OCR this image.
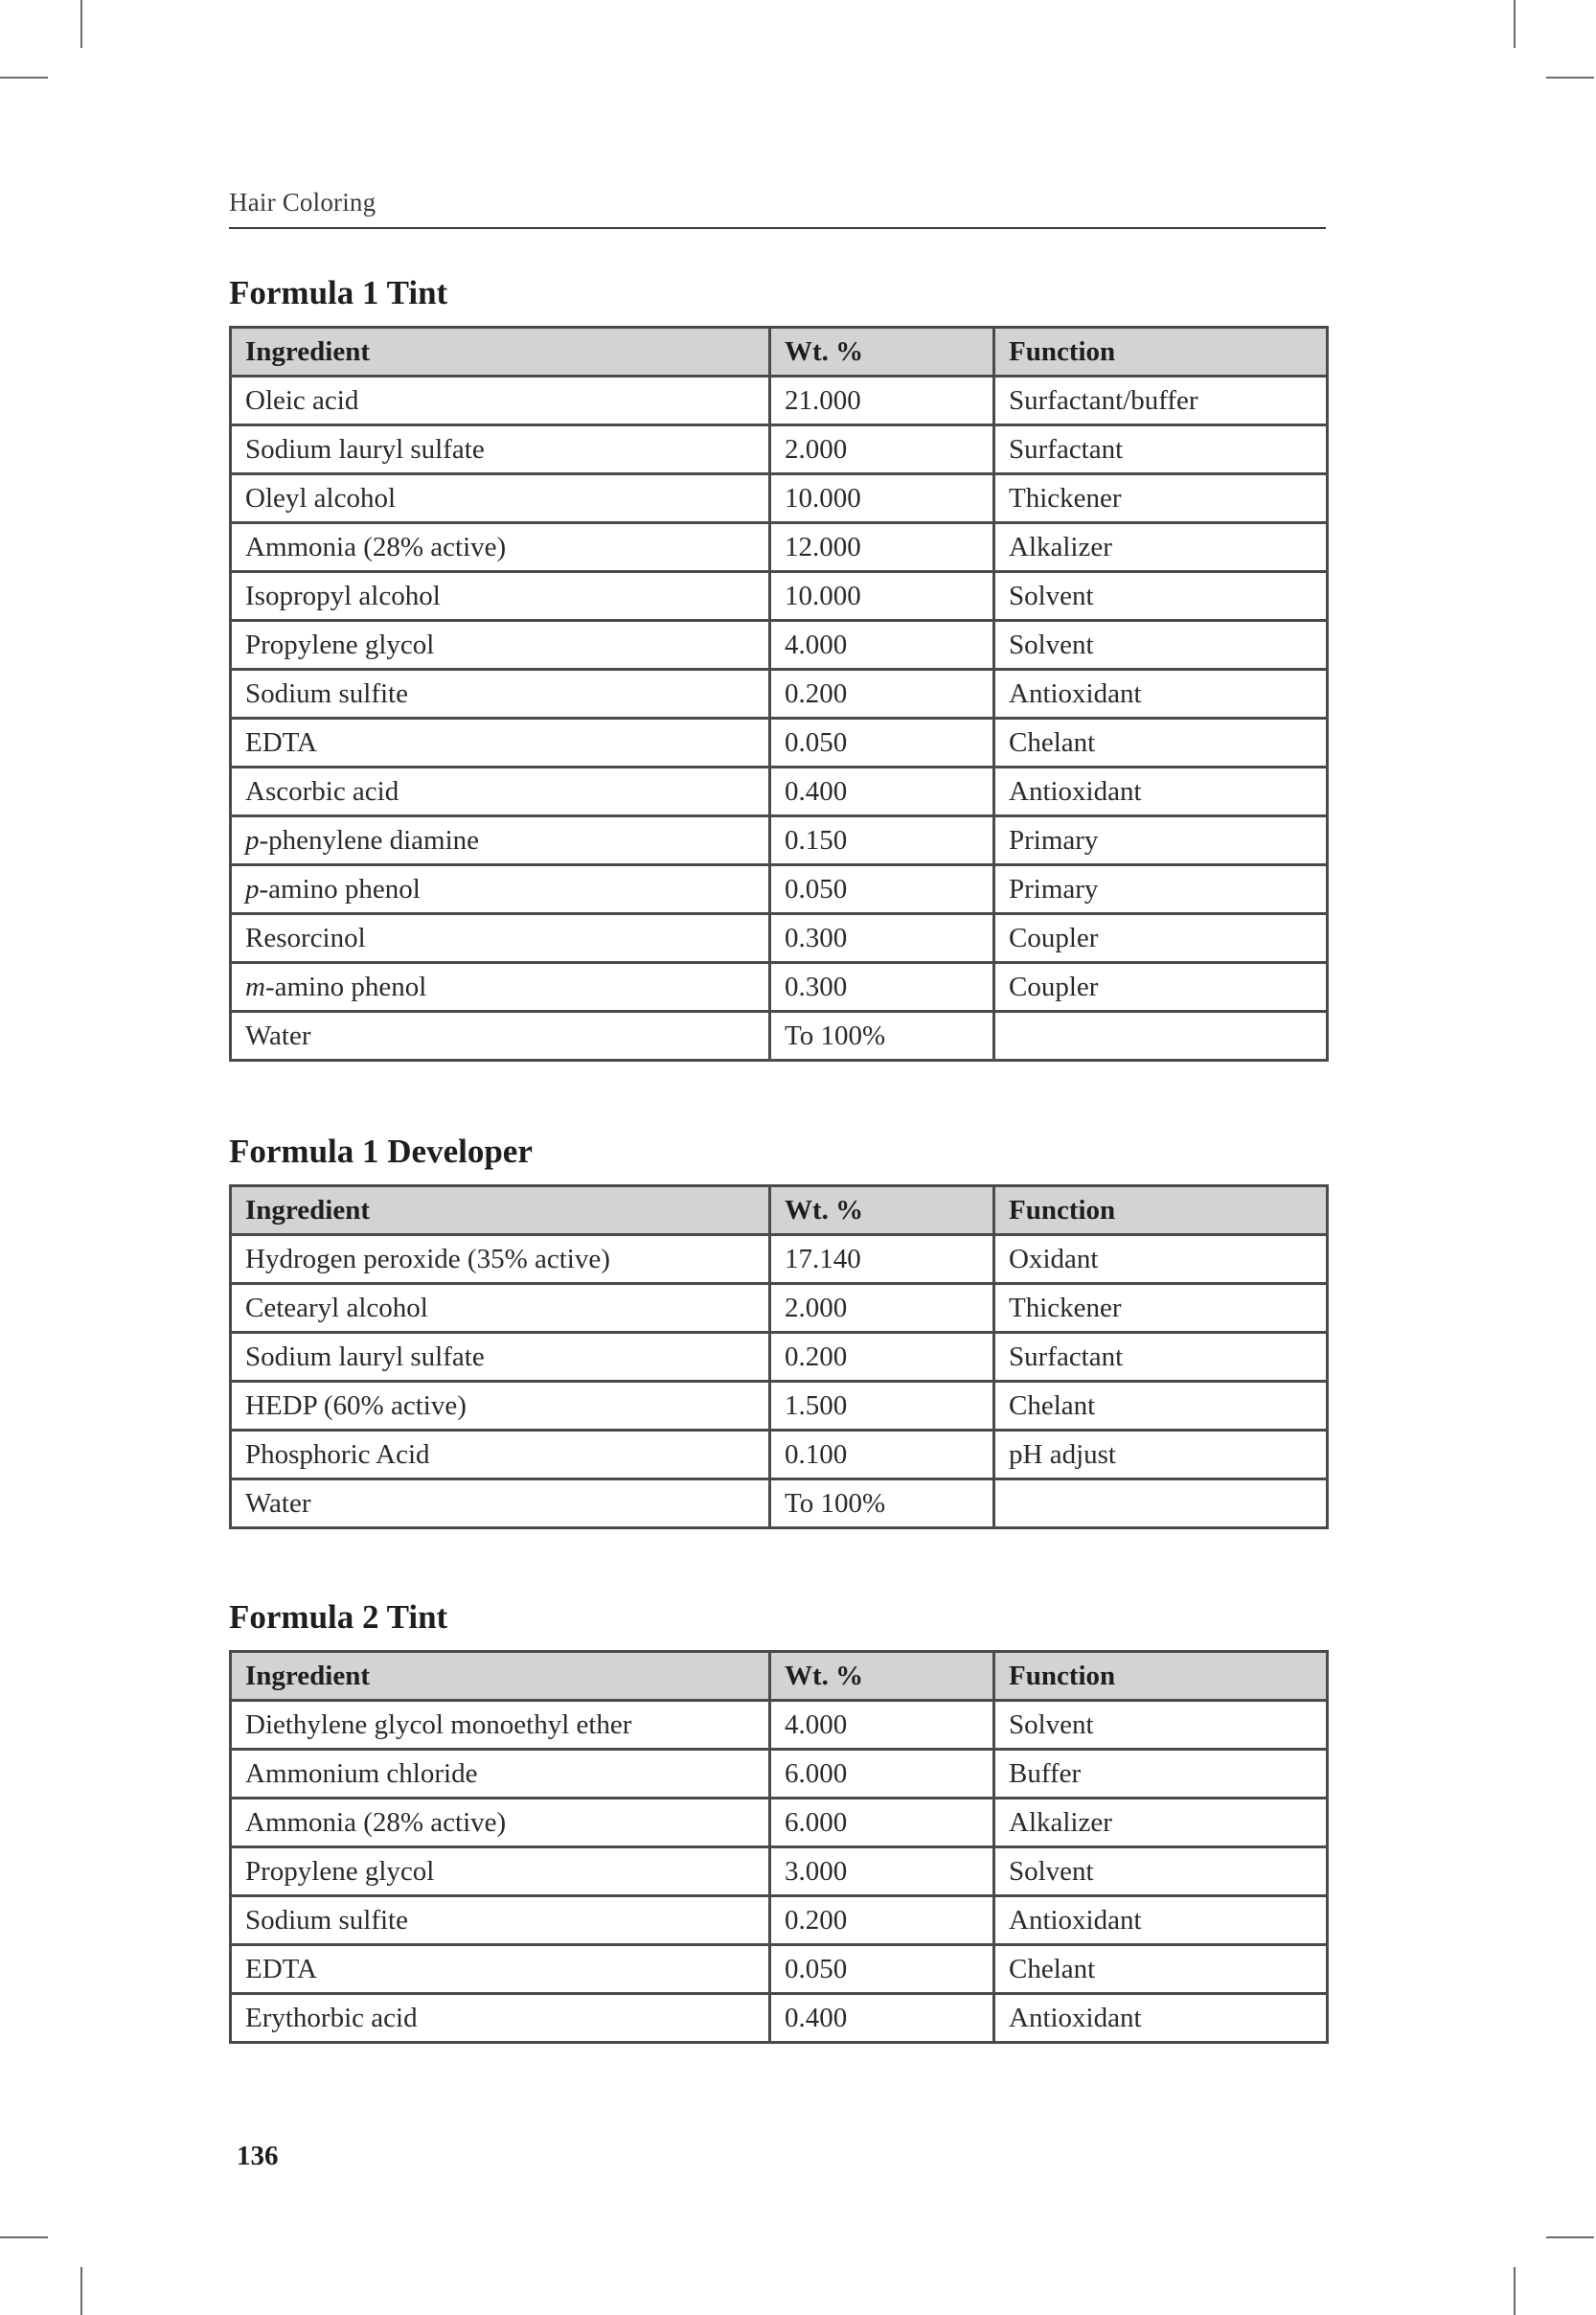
Hair Coloring
Formula 1 Tint
Ingredient	Wt. %	Function
Oleic acid	21.000	Surfactant/buffer
Sodium lauryl sulfate	2.000	Surfactant
Oleyl alcohol	10.000	Thickener
Ammonia (28% active)	12.000	Alkalizer
Isopropyl alcohol	10.000	Solvent
Propylene glycol	4.000	Solvent
Sodium sulfite	0.200	Antioxidant
EDTA	0.050	Chelant
Ascorbic acid	0.400	Antioxidant
p-phenylene diamine	0.150	Primary
p-amino phenol	0.050	Primary
Resorcinol	0.300	Coupler
m-amino phenol	0.300	Coupler
Water	To 100%	
Formula 1 Developer
Ingredient	Wt. %	Function
Hydrogen peroxide (35% active)	17.140	Oxidant
Cetearyl alcohol	2.000	Thickener
Sodium lauryl sulfate	0.200	Surfactant
HEDP (60% active)	1.500	Chelant
Phosphoric Acid	0.100	pH adjust
Water	To 100%	
Formula 2 Tint
Ingredient	Wt. %	Function
Diethylene glycol monoethyl ether	4.000	Solvent
Ammonium chloride	6.000	Buffer
Ammonia (28% active)	6.000	Alkalizer
Propylene glycol	3.000	Solvent
Sodium sulfite	0.200	Antioxidant
EDTA	0.050	Chelant
Erythorbic acid	0.400	Antioxidant
136
